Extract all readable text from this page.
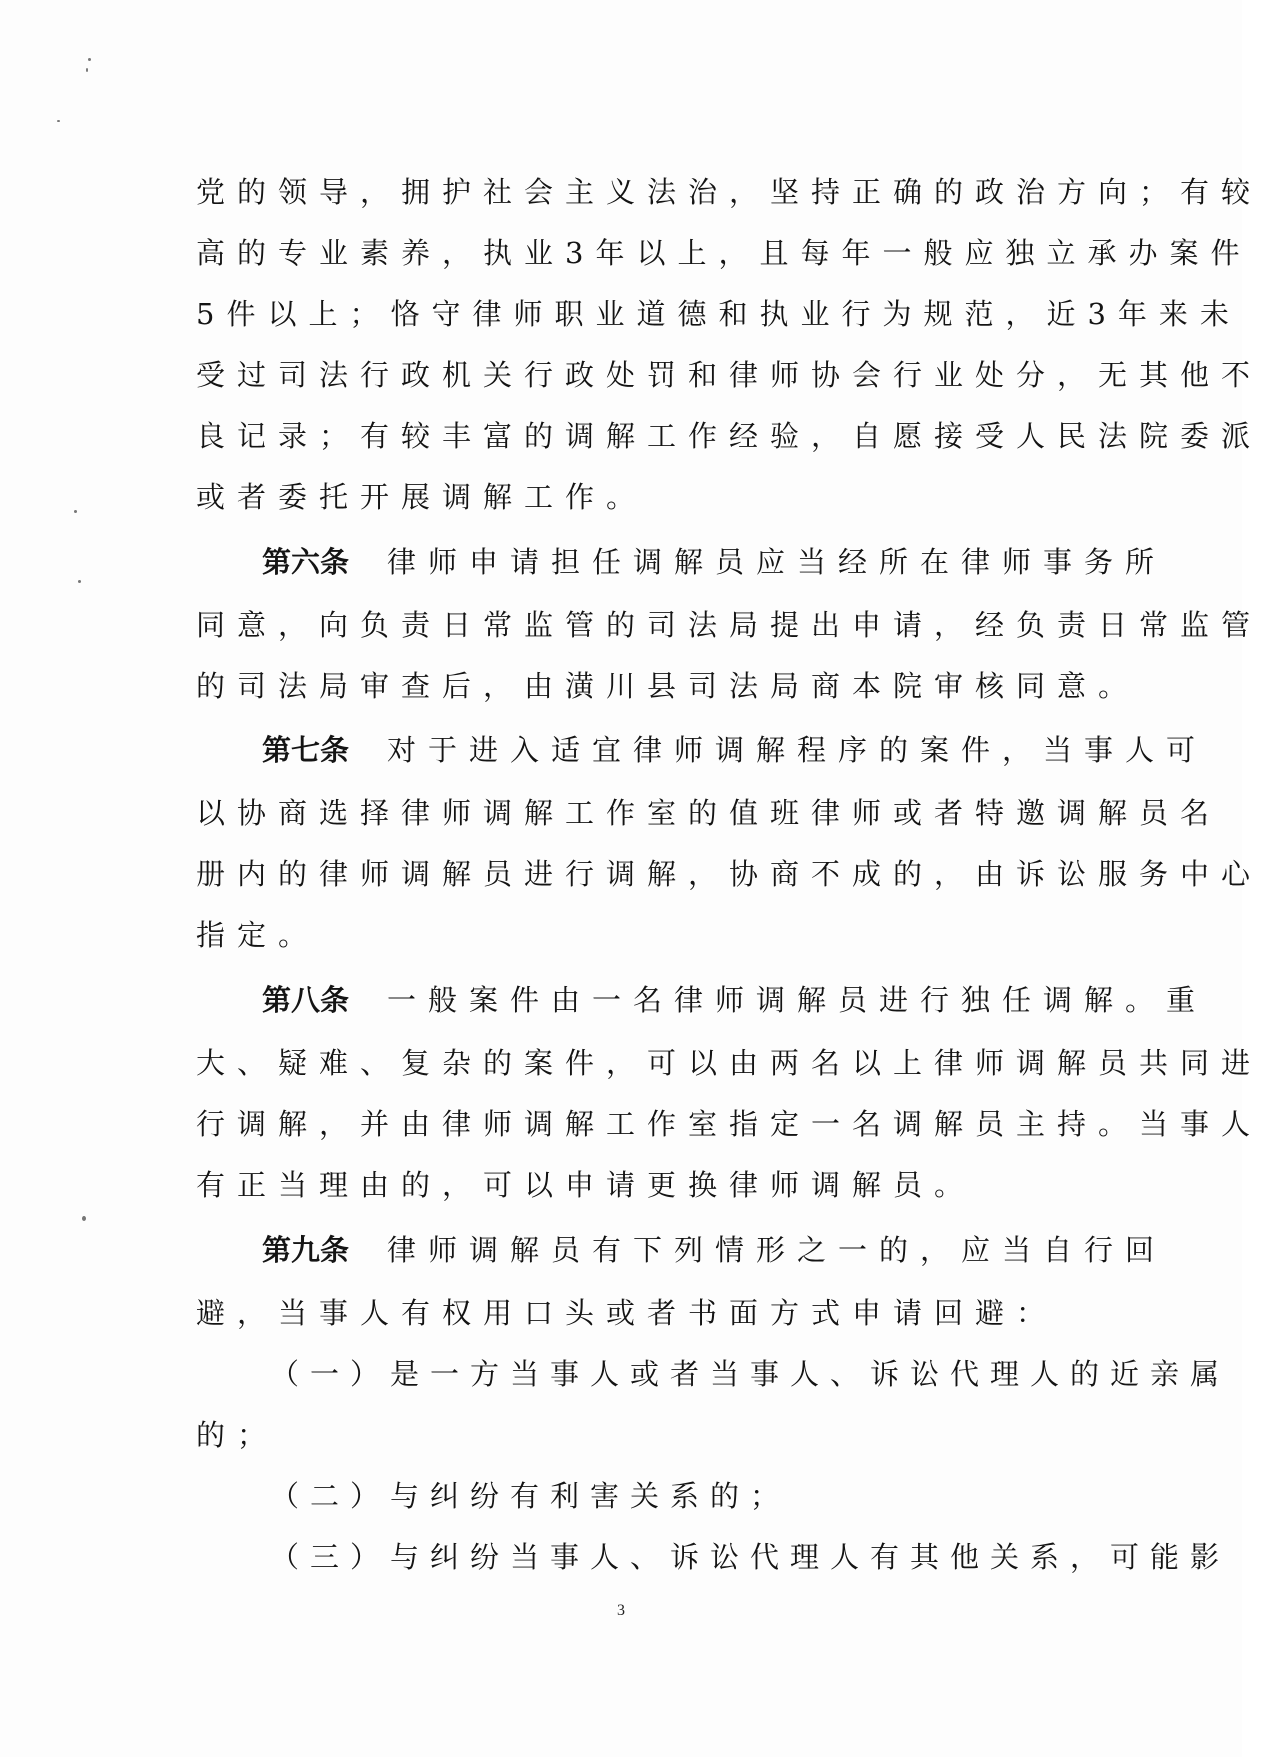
党的领导，拥护社会主义法治，坚持正确的政治方向；有较
高的专业素养，执业3年以上，且每年一般应独立承办案件
5件以上；恪守律师职业道德和执业行为规范，近3年来未
受过司法行政机关行政处罚和律师协会行业处分，无其他不
良记录；有较丰富的调解工作经验，自愿接受人民法院委派
或者委托开展调解工作。
第六条 律师申请担任调解员应当经所在律师事务所
同意，向负责日常监管的司法局提出申请，经负责日常监管
的司法局审查后，由潢川县司法局商本院审核同意。
第七条 对于进入适宜律师调解程序的案件，当事人可
以协商选择律师调解工作室的值班律师或者特邀调解员名
册内的律师调解员进行调解，协商不成的，由诉讼服务中心
指定。
第八条 一般案件由一名律师调解员进行独任调解。重
大、疑难、复杂的案件，可以由两名以上律师调解员共同进
行调解，并由律师调解工作室指定一名调解员主持。当事人
有正当理由的，可以申请更换律师调解员。
第九条 律师调解员有下列情形之一的，应当自行回
避，当事人有权用口头或者书面方式申请回避：
（一）是一方当事人或者当事人、诉讼代理人的近亲属
的；
（二）与纠纷有利害关系的；
（三）与纠纷当事人、诉讼代理人有其他关系，可能影
3
